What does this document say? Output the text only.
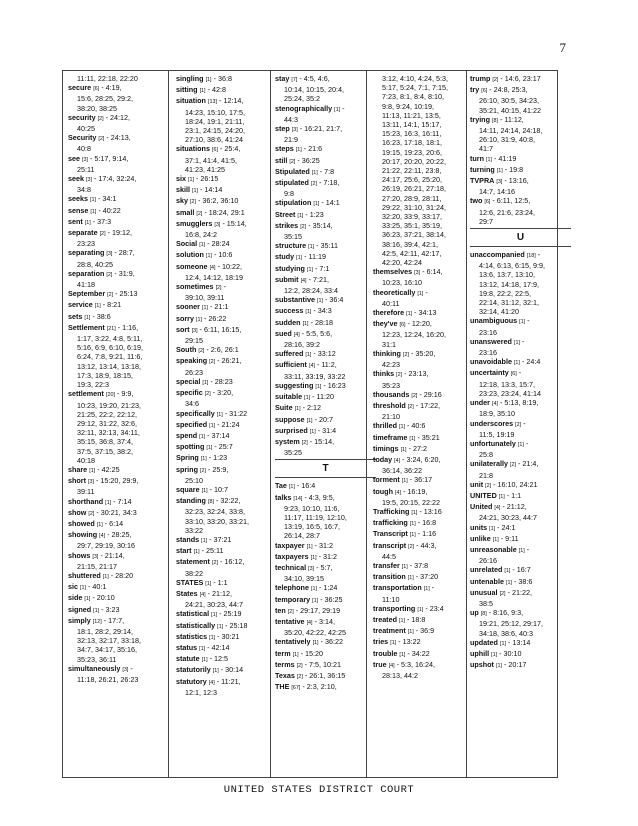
7
11:11, 22:18, 22:20
secure [6] - 4:19,
15:6, 28:25, 29:2,
38:20, 38:25
security [2] - 24:12,
40:25
Security [2] - 24:13,
40:8
see [3] - 5:17, 9:14,
25:11
seek [3] - 17:4, 32:24,
34:8
seeks [1] - 34:1
sense [1] - 40:22
sent [1] - 37:3
separate [2] - 19:12,
23:23
separating [3] - 28:7,
28:8, 40:25
separation [2] - 31:9,
41:18
September [2] - 25:13
service [1] - 8:21
sets [1] - 38:6
Settlement [21] - 1:16,
1:17, 3:22, 4:8, 5:11,
5:16, 6:9, 6:10, 6:19,
6:24, 7:8, 9:21, 11:6,
13:12, 13:14, 13:18,
17:3, 18:9, 18:15,
19:3, 22:3
settlement [20] - 9:9,
10:23, 19:20, 21:23,
21:25, 22:2, 22:12,
29:12, 31:22, 32:6,
32:11, 32:13, 34:11,
35:15, 36:8, 37:4,
37:5, 37:15, 38:2,
40:18
share [1] - 42:25
short [3] - 15:20, 29:9,
39:11
shorthand [1] - 7:14
show [2] - 30:21, 34:3
showed [1] - 6:14
showing [4] - 28:25,
29:7, 29:19, 30:16
shows [3] - 21:14,
21:15, 21:17
shuttered [1] - 28:20
sic [1] - 40:1
side [1] - 20:10
signed [1] - 3:23
simply [12] - 17:7,
18:1, 28:2, 29:14,
32:13, 32:17, 33:18,
34:7, 34:17, 35:16,
35:23, 36:11
simultaneously [3] -
11:18, 26:21, 26:23
singling [1] - 36:8
sitting [1] - 42:8
situation [13] - 12:14,
14:23, 15:10, 17:5,
18:24, 19:1, 21:11,
23:1, 24:15, 24:20,
27:10, 38:6, 41:24
situations [6] - 25:4,
37:1, 41:4, 41:5,
41:23, 41:25
six [1] - 26:15
skill [1] - 14:14
sky [2] - 36:2, 36:10
small [2] - 18:24, 29:1
smugglers [3] - 15:14,
16:8, 24:2
Social [1] - 28:24
solution [1] - 10:6
someone [4] - 10:22,
12:4, 14:12, 18:19
sometimes [2] -
39:10, 39:11
sooner [1] - 21:1
sorry [1] - 26:22
sort [3] - 6:11, 16:15,
29:15
South [2] - 2:6, 26:1
speaking [2] - 26:21,
26:23
special [1] - 28:23
specific [2] - 3:20,
34:6
specifically [1] - 31:22
specified [1] - 21:24
spend [1] - 37:14
spotting [1] - 25:7
Spring [1] - 1:23
spring [2] - 25:9,
25:10
square [1] - 10:7
standing [8] - 32:22,
32:23, 32:24, 33:8,
33:10, 33:20, 33:21,
33:22
stands [1] - 37:21
start [1] - 25:11
statement [2] - 16:12,
38:22
STATES [1] - 1:1
States [4] - 21:12,
24:21, 30:23, 44:7
statistical [1] - 25:19
statistically [1] - 25:18
statistics [1] - 30:21
status [1] - 42:14
statute [1] - 12:5
statutorily [1] - 30:14
statutory [4] - 11:21,
12:1, 12:3
stay [7] - 4:5, 4:6,
10:14, 10:15, 20:4,
25:24, 35:2
stenographically [1] -
44:3
step [3] - 16:21, 21:7,
21:9
steps [1] - 21:6
still [2] - 36:25
Stipulated [1] - 7:8
stipulated [2] - 7:18,
9:8
stipulation [1] - 14:1
Street [1] - 1:23
strikes [2] - 35:14,
35:15
structure [1] - 35:11
study [1] - 11:19
studying [1] - 7:1
submit [4] - 7:21,
12:2, 28:24, 33:4
substantive [1] - 36:4
success [1] - 34:3
sudden [1] - 28:18
sued [4] - 5:5, 5:6,
28:16, 39:2
suffered [1] - 33:12
sufficient [4] - 11:2,
33:11, 33:19, 33:22
suggesting [1] - 16:23
suitable [1] - 11:20
Suite [1] - 2:12
suppose [1] - 20:7
surprised [1] - 31:4
system [2] - 15:14,
35:25
T
Tae [1] - 16:4
talks [14] - 4:3, 9:5,
9:23, 10:10, 11:6,
11:17, 11:19, 12:10,
13:19, 16:5, 16:7,
26:14, 28:7
taxpayer [1] - 31:2
taxpayers [1] - 31:2
technical [3] - 5:7,
34:10, 39:15
telephone [1] - 1:24
temporary [1] - 36:25
ten [2] - 29:17, 29:19
tentative [4] - 3:14,
35:20, 42:22, 42:25
tentatively [1] - 36:22
term [1] - 15:20
terms [2] - 7:5, 10:21
Texas [2] - 26:1, 36:15
THE [67] - 2:3, 2:10,
3:12, 4:10, 4:24, 5:3,
5:17, 5:24, 7:1, 7:15,
7:23, 8:1, 8:4, 8:10,
9:8, 9:24, 10:19,
11:13, 11:21, 13:5,
13:11, 14:1, 15:17,
15:23, 16:3, 16:11,
16:23, 17:18, 18:1,
19:15, 19:23, 20:6,
20:17, 20:20, 20:22,
21:22, 22:11, 23:8,
24:17, 25:6, 25:20,
26:19, 26:21, 27:18,
27:20, 28:9, 28:11,
29:22, 31:10, 31:24,
32:20, 33:9, 33:17,
33:25, 35:1, 35:19,
36:23, 37:21, 38:14,
38:16, 39:4, 42:1,
42:5, 42:11, 42:17,
42:20, 42:24
themselves [3] - 6:14,
10:23, 16:10
theoretically [1] -
40:11
therefore [1] - 34:13
they've [6] - 12:20,
12:23, 12:24, 16:20,
31:1
thinking [2] - 35:20,
42:23
thinks [2] - 23:13,
35:23
thousands [2] - 29:16
threshold [2] - 17:22,
21:10
thrilled [1] - 40:6
timeframe [1] - 35:21
timings [1] - 27:2
today [4] - 3:24, 6:20,
36:14, 36:22
torment [1] - 36:17
tough [4] - 16:19,
19:5, 20:15, 22:22
Trafficking [1] - 13:16
trafficking [1] - 16:8
Transcript [1] - 1:16
transcript [2] - 44:3,
44:5
transfer [1] - 37:8
transition [1] - 37:20
transportation [1] -
11:10
transporting [1] - 23:4
treated [1] - 18:8
treatment [1] - 36:9
tries [1] - 13:22
trouble [1] - 34:22
true [4] - 5:3, 16:24,
28:13, 44:2
trump [2] - 14:6, 23:17
try [6] - 24:8, 25:3,
26:10, 30:5, 34:23,
35:21, 40:15, 41:22
trying [8] - 11:12,
14:11, 24:14, 24:18,
26:10, 31:9, 40:8,
41:7
turn [1] - 41:19
turning [1] - 19:8
TVPRA [3] - 13:16,
14:7, 14:16
two [6] - 6:11, 12:5,
12:6, 21:6, 23:24,
29:7
U
unaccompanied [18] -
4:14, 6:13, 6:15, 9:9,
13:6, 13:7, 13:10,
13:12, 14:18, 17:9,
19:8, 22:2, 22:5,
22:14, 31:12, 32:1,
32:14, 41:20
unambiguous [1] -
23:16
unanswered [1] -
23:16
unavoidable [1] - 24:4
uncertainty [6] -
12:18, 13:3, 15:7,
23:23, 23:24, 41:14
under [4] - 5:13, 8:19,
18:9, 35:10
underscores [2] -
11:5, 19:19
unfortunately [1] -
25:8
unilaterally [2] - 21:4,
21:8
unit [2] - 16:10, 24:21
UNITED [1] - 1:1
United [4] - 21:12,
24:21, 30:23, 44:7
units [1] - 24:1
unlike [1] - 9:11
unreasonable [1] -
26:16
unrelated [1] - 16:7
untenable [1] - 38:6
unusual [2] - 21:22,
38:5
up [8] - 8:16, 9:3,
19:21, 25:12, 29:17,
34:18, 38:6, 40:3
updated [1] - 13:14
uphill [1] - 30:10
upshot [1] - 20:17
UNITED STATES DISTRICT COURT
